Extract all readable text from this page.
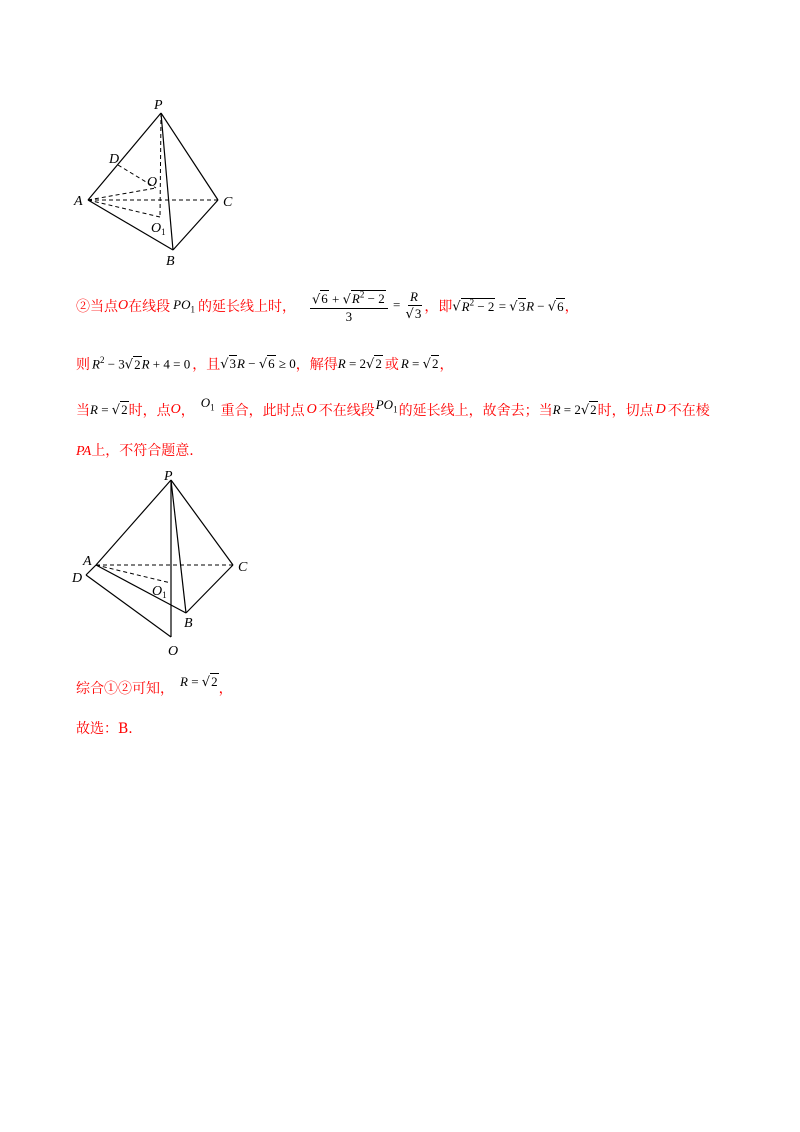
P
D
O
A	C
$O_1$
B
②当点 O 在线段 $PO_1$ 的延长线上时， $\frac{√6 + √R^2 - 2}{3} = \frac{R}{√3}$ ，即 $√R^2 - 2 = √3R - √6$ ，
则 $R^2 - 3√2R + 4 = 0$ ，且 √3R − √6 ≥ 0 ，解得 R = 2√2 或 R = √2 ，
当 R = √2 时，点 O ，
$O_1$ 重合，此时点 O 不在线段 $PO_1$ 的延长线上，故舍去；当 R = 2√2 时，切点 D 不在棱
PA上，不符合题意.
P
A
D
C
$O_1$
B
O
综合①②可知， R = √2 ，
故选：B.
